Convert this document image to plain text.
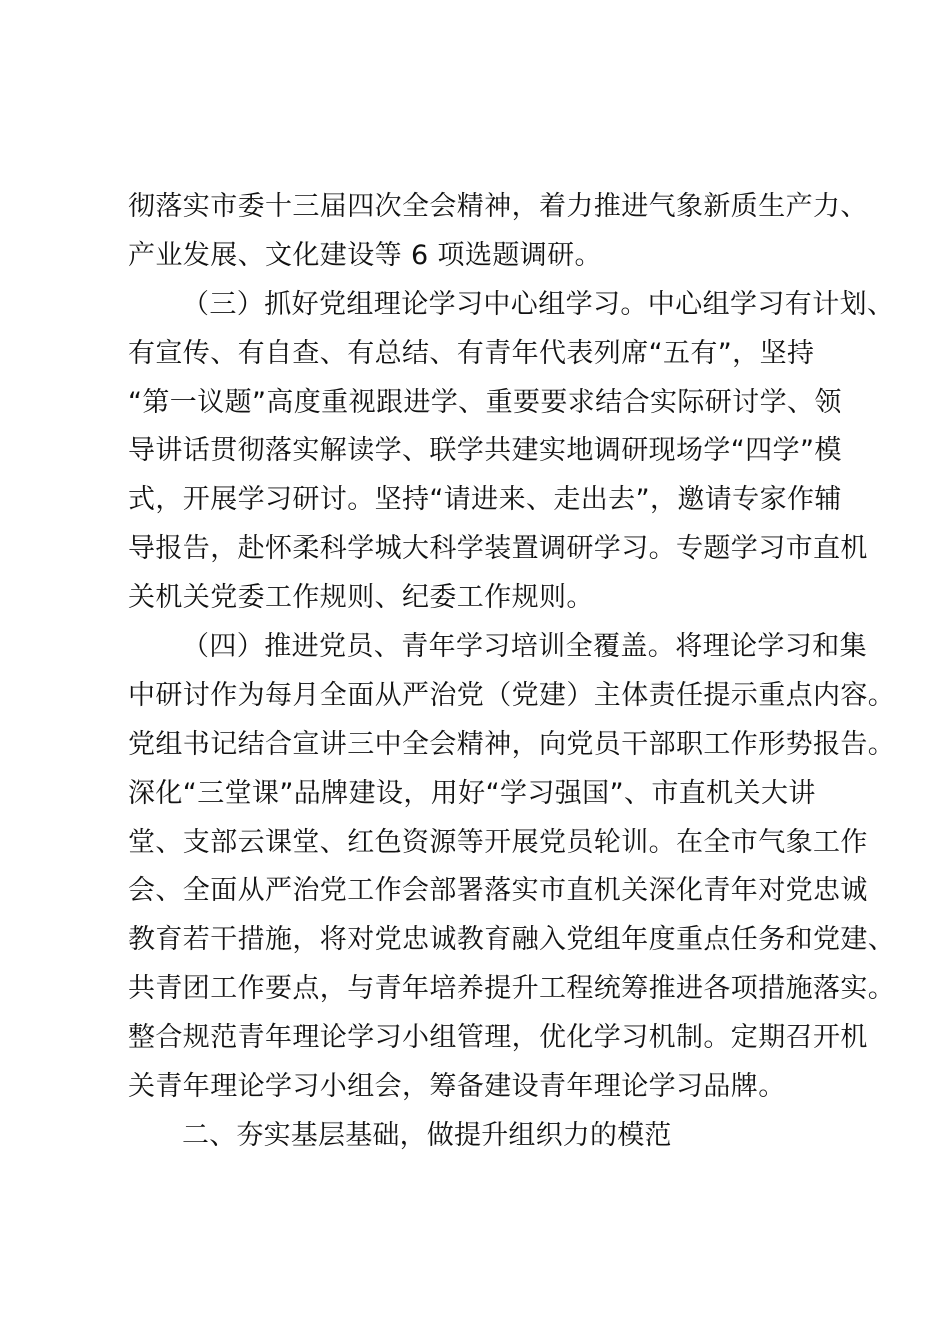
彻落实市委十三届四次全会精神，着力推进气象新质生产力、
产业发展、文化建设等 6 项选题调研。
（三）抓好党组理论学习中心组学习。中心组学习有计划、
有宣传、有自查、有总结、有青年代表列席“五有”，坚持
“第一议题”高度重视跟进学、重要要求结合实际研讨学、领
导讲话贯彻落实解读学、联学共建实地调研现场学“四学”模
式，开展学习研讨。坚持“请进来、走出去”，邀请专家作辅
导报告，赴怀柔科学城大科学装置调研学习。专题学习市直机
关机关党委工作规则、纪委工作规则。
（四）推进党员、青年学习培训全覆盖。将理论学习和集
中研讨作为每月全面从严治党（党建）主体责任提示重点内容。
党组书记结合宣讲三中全会精神，向党员干部职工作形势报告。
深化“三堂课”品牌建设，用好“学习强国”、市直机关大讲
堂、支部云课堂、红色资源等开展党员轮训。在全市气象工作
会、全面从严治党工作会部署落实市直机关深化青年对党忠诚
教育若干措施，将对党忠诚教育融入党组年度重点任务和党建、
共青团工作要点，与青年培养提升工程统筹推进各项措施落实。
整合规范青年理论学习小组管理，优化学习机制。定期召开机
关青年理论学习小组会，筹备建设青年理论学习品牌。
二、夯实基层基础，做提升组织力的模范
